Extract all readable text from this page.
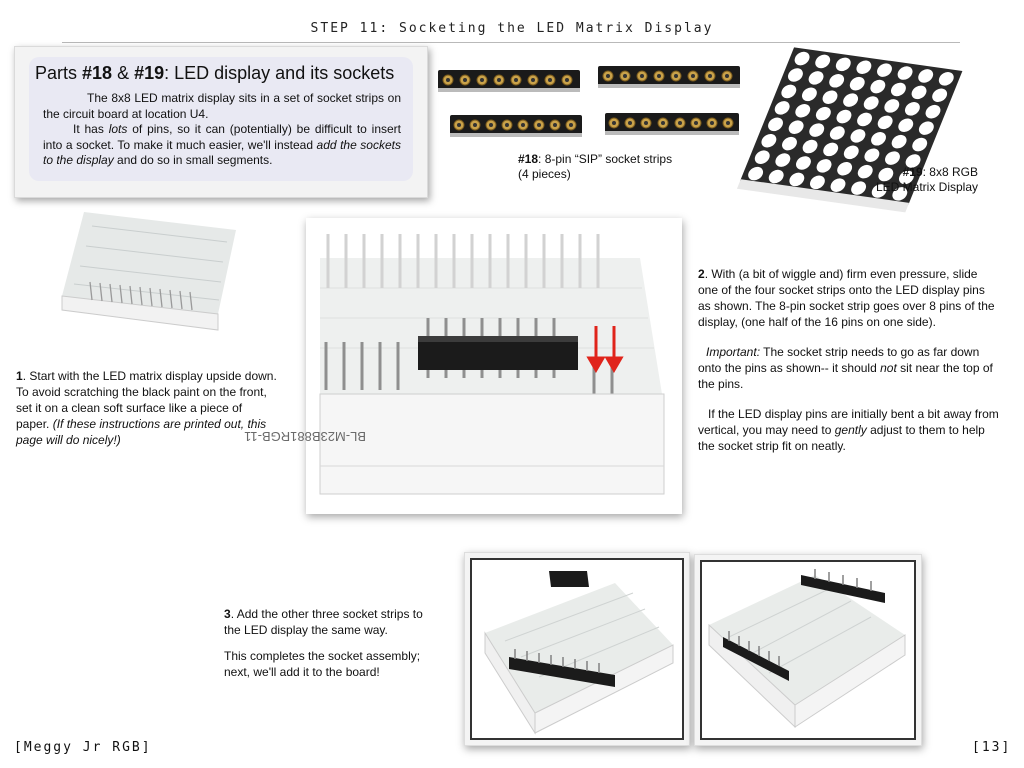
STEP 11: Socketing the LED Matrix Display
Parts #18 & #19: LED display and its sockets

The 8x8 LED matrix display sits in a set of socket strips on the circuit board at location U4.

It has lots of pins, so it can (potentially) be difficult to insert into a socket. To make it much easier, we'll instead add the sockets to the display and do so in small segments.	#18: 8-pin “SIP” socket strips
(4 pieces)	#19: 8x8 RGB
LED Matrix Display
1. Start with the LED matrix display upside down. To avoid scratching the black paint on the front, set it on a clean soft surface like a piece of paper. (If these instructions are printed out, this page will do nicely!)	BL-M23B881RGB-11

2. With (a bit of wiggle and) firm even pressure, slide one of the four socket strips onto the LED display pins as shown. The 8-pin socket strip goes over 8 pins of the display, (one half of the 16 pins on one side).

Important: The socket strip needs to go as far down onto the pins as shown-- it should not sit near the top of the pins.

If the LED display pins are initially bent a bit away from vertical, you may need to gently adjust to them to help the socket strip fit on neatly.

3. Add the other three socket strips to the LED display the same way.

This completes the socket assembly; next, we'll add it to the board!

[Meggy Jr RGB]	[13]
